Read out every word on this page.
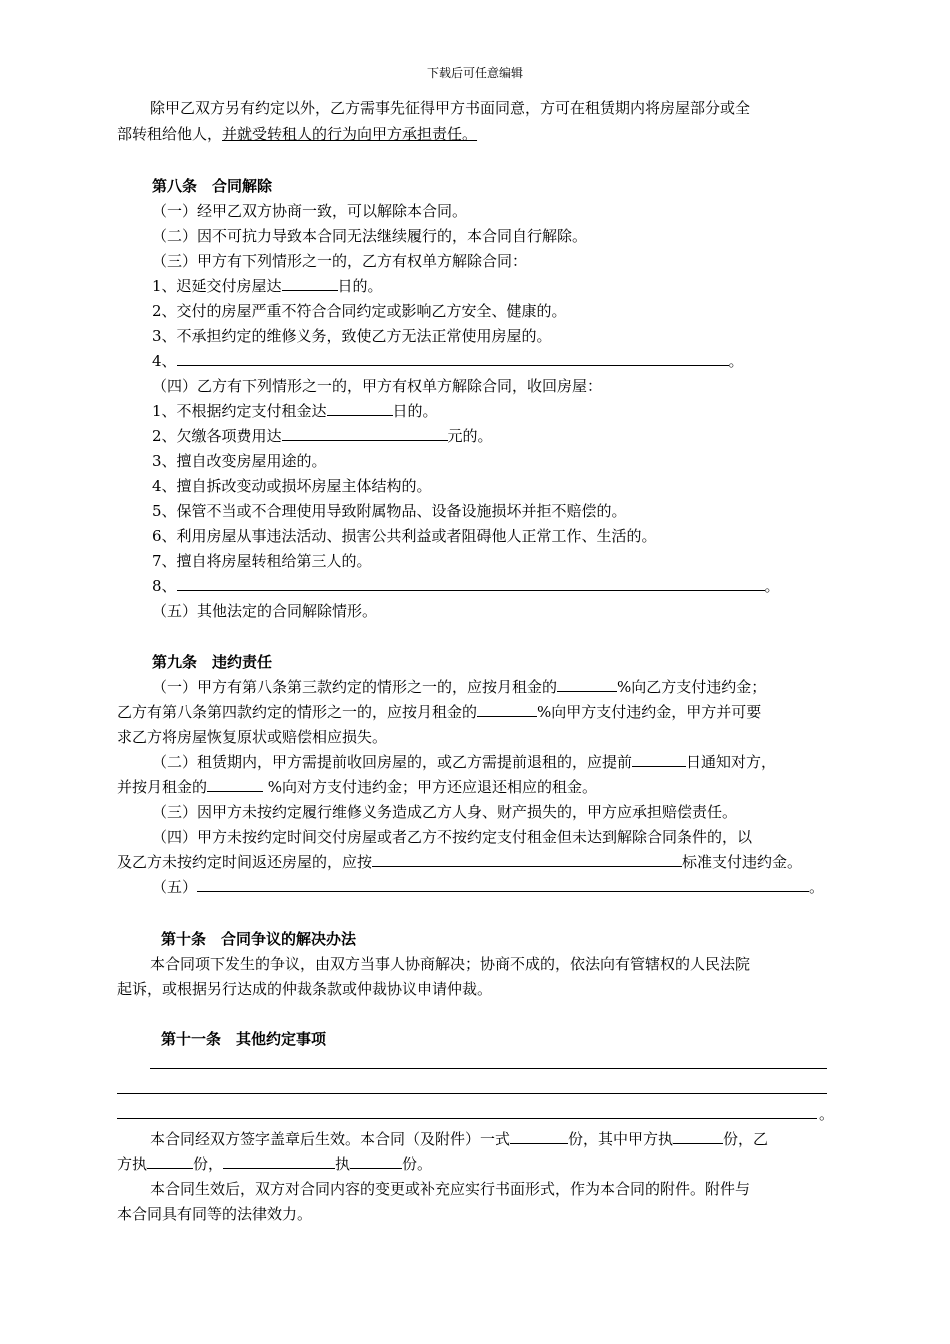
下载后可任意编辑
除甲乙双方另有约定以外，乙方需事先征得甲方书面同意，方可在租赁期内将房屋部分或全
部转租给他人，并就受转租人的行为向甲方承担责任。
第八条　合同解除
（一）经甲乙双方协商一致，可以解除本合同。
（二）因不可抗力导致本合同无法继续履行的，本合同自行解除。
（三）甲方有下列情形之一的，乙方有权单方解除合同：
1、迟延交付房屋达	日的。
2、交付的房屋严重不符合合同约定或影响乙方安全、健康的。
3、不承担约定的维修义务，致使乙方无法正常使用房屋的。
4、	。
（四）乙方有下列情形之一的，甲方有权单方解除合同，收回房屋：
1、不根据约定支付租金达	日的。
2、欠缴各项费用达	元的。
3、擅自改变房屋用途的。
4、擅自拆改变动或损坏房屋主体结构的。
5、保管不当或不合理使用导致附属物品、设备设施损坏并拒不赔偿的。
6、利用房屋从事违法活动、损害公共利益或者阻碍他人正常工作、生活的。
7、擅自将房屋转租给第三人的。
8、	。
（五）其他法定的合同解除情形。
第九条　违约责任
（一）甲方有第八条第三款约定的情形之一的，应按月租金的	%向乙方支付违约金；
乙方有第八条第四款约定的情形之一的，应按月租金的	%向甲方支付违约金，甲方并可要
求乙方将房屋恢复原状或赔偿相应损失。
（二）租赁期内，甲方需提前收回房屋的，或乙方需提前退租的，应提前	日通知对方，
并按月租金的	%向对方支付违约金；甲方还应退还相应的租金。
（三）因甲方未按约定履行维修义务造成乙方人身、财产损失的，甲方应承担赔偿责任。
（四）甲方未按约定时间交付房屋或者乙方不按约定支付租金但未达到解除合同条件的，以
及乙方未按约定时间返还房屋的，应按	标准支付违约金。
（五）	。
第十条　合同争议的解决办法
本合同项下发生的争议，由双方当事人协商解决；协商不成的，依法向有管辖权的人民法院
起诉，或根据另行达成的仲裁条款或仲裁协议申请仲裁。
第十一条　其他约定事项
。
本合同经双方签字盖章后生效。本合同（及附件）一式	份，其中甲方执	份，乙
方执	份，	执	份。
本合同生效后，双方对合同内容的变更或补充应实行书面形式，作为本合同的附件。附件与
本合同具有同等的法律效力。
